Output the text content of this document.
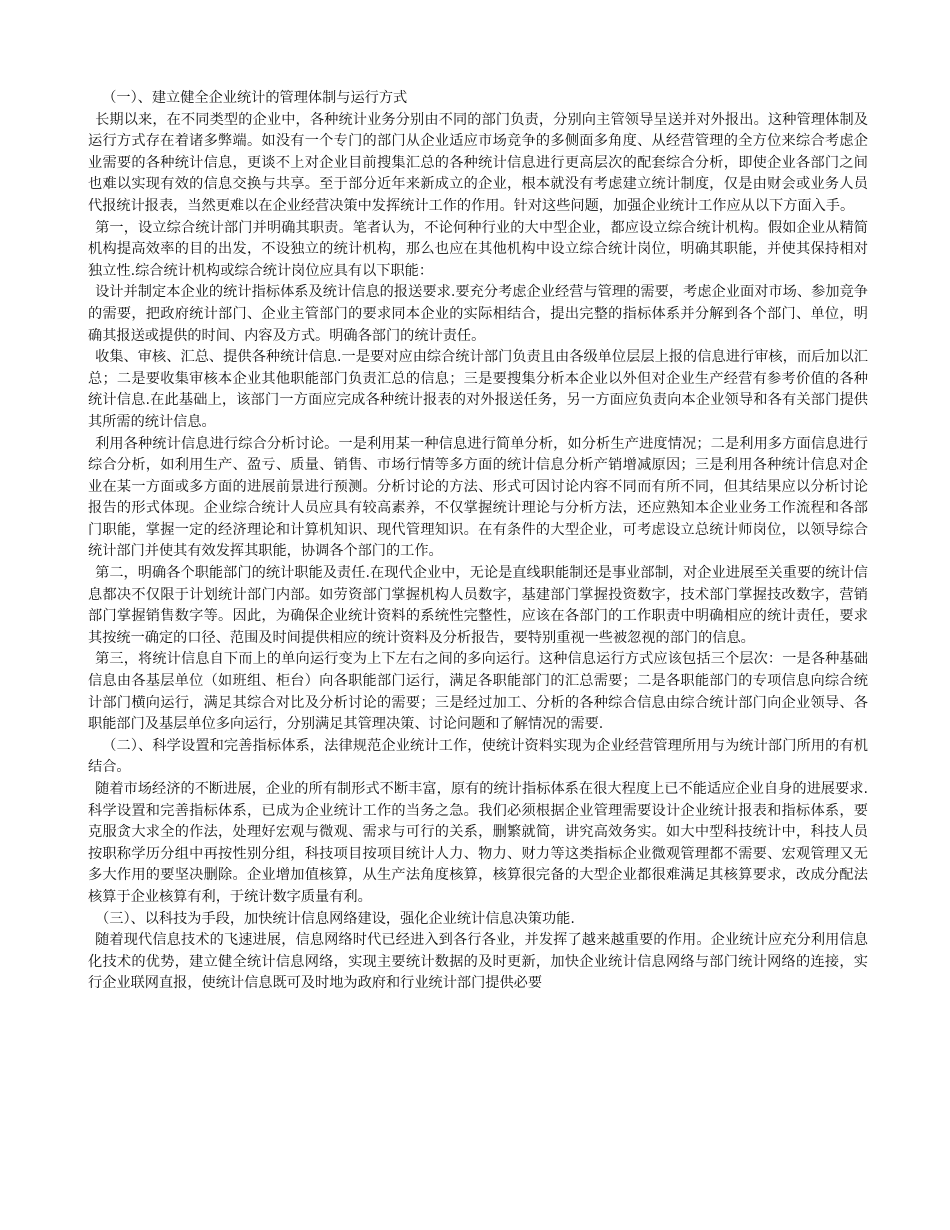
（一）、建立健全企业统计的管理体制与运行方式

长期以来，在不同类型的企业中，各种统计业务分别由不同的部门负责，分别向主管领导呈送并对外报出。这种管理体制及运行方式存在着诸多弊端。如没有一个专门的部门从企业适应市场竞争的多侧面多角度、从经营管理的全方位来综合考虑企业需要的各种统计信息，更谈不上对企业目前搜集汇总的各种统计信息进行更高层次的配套综合分析，即使企业各部门之间也难以实现有效的信息交换与共享。至于部分近年来新成立的企业，根本就没有考虑建立统计制度，仅是由财会或业务人员代报统计报表，当然更难以在企业经营决策中发挥统计工作的作用。针对这些问题，加强企业统计工作应从以下方面入手。

第一，设立综合统计部门并明确其职责。笔者认为，不论何种行业的大中型企业，都应设立综合统计机构。假如企业从精简机构提高效率的目的出发，不设独立的统计机构，那么也应在其他机构中设立综合统计岗位，明确其职能，并使其保持相对独立性.综合统计机构或综合统计岗位应具有以下职能：

设计并制定本企业的统计指标体系及统计信息的报送要求.要充分考虑企业经营与管理的需要，考虑企业面对市场、参加竞争的需要，把政府统计部门、企业主管部门的要求同本企业的实际相结合，提出完整的指标体系并分解到各个部门、单位，明确其报送或提供的时间、内容及方式。明确各部门的统计责任。

收集、审核、汇总、提供各种统计信息.一是要对应由综合统计部门负责且由各级单位层层上报的信息进行审核，而后加以汇总；二是要收集审核本企业其他职能部门负责汇总的信息；三是要搜集分析本企业以外但对企业生产经营有参考价值的各种统计信息.在此基础上，该部门一方面应完成各种统计报表的对外报送任务，另一方面应负责向本企业领导和各有关部门提供其所需的统计信息。

利用各种统计信息进行综合分析讨论。一是利用某一种信息进行简单分析，如分析生产进度情况；二是利用多方面信息进行综合分析，如利用生产、盈亏、质量、销售、市场行情等多方面的统计信息分析产销增减原因；三是利用各种统计信息对企业在某一方面或多方面的进展前景进行预测。分析讨论的方法、形式可因讨论内容不同而有所不同，但其结果应以分析讨论报告的形式体现。企业综合统计人员应具有较高素养，不仅掌握统计理论与分析方法，还应熟知本企业业务工作流程和各部门职能，掌握一定的经济理论和计算机知识、现代管理知识。在有条件的大型企业，可考虑设立总统计师岗位，以领导综合统计部门并使其有效发挥其职能，协调各个部门的工作。

第二，明确各个职能部门的统计职能及责任.在现代企业中，无论是直线职能制还是事业部制，对企业进展至关重要的统计信息都决不仅限于计划统计部门内部。如劳资部门掌握机构人员数字，基建部门掌握投资数字，技术部门掌握技改数字，营销部门掌握销售数字等。因此，为确保企业统计资料的系统性完整性，应该在各部门的工作职责中明确相应的统计责任，要求其按统一确定的口径、范围及时间提供相应的统计资料及分析报告，要特别重视一些被忽视的部门的信息。

第三，将统计信息自下而上的单向运行变为上下左右之间的多向运行。这种信息运行方式应该包括三个层次：一是各种基础信息由各基层单位（如班组、柜台）向各职能部门运行，满足各职能部门的汇总需要；二是各职能部门的专项信息向综合统计部门横向运行，满足其综合对比及分析讨论的需要；三是经过加工、分析的各种综合信息由综合统计部门向企业领导、各职能部门及基层单位多向运行，分别满足其管理决策、讨论问题和了解情况的需要.

（二）、科学设置和完善指标体系，法律规范企业统计工作，使统计资料实现为企业经营管理所用与为统计部门所用的有机结合。

随着市场经济的不断进展，企业的所有制形式不断丰富，原有的统计指标体系在很大程度上已不能适应企业自身的进展要求.科学设置和完善指标体系，已成为企业统计工作的当务之急。我们必须根据企业管理需要设计企业统计报表和指标体系，要克服贪大求全的作法，处理好宏观与微观、需求与可行的关系，删繁就简，讲究高效务实。如大中型科技统计中，科技人员按职称学历分组中再按性别分组，科技项目按项目统计人力、物力、财力等这类指标企业微观管理都不需要、宏观管理又无多大作用的要坚决删除。企业增加值核算，从生产法角度核算，核算很完备的大型企业都很难满足其核算要求，改成分配法核算于企业核算有利，于统计数字质量有利。

（三）、以科技为手段，加快统计信息网络建设，强化企业统计信息决策功能.

随着现代信息技术的飞速进展，信息网络时代已经进入到各行各业，并发挥了越来越重要的作用。企业统计应充分利用信息化技术的优势，建立健全统计信息网络，实现主要统计数据的及时更新，加快企业统计信息网络与部门统计网络的连接，实行企业联网直报，使统计信息既可及时地为政府和行业统计部门提供必要
